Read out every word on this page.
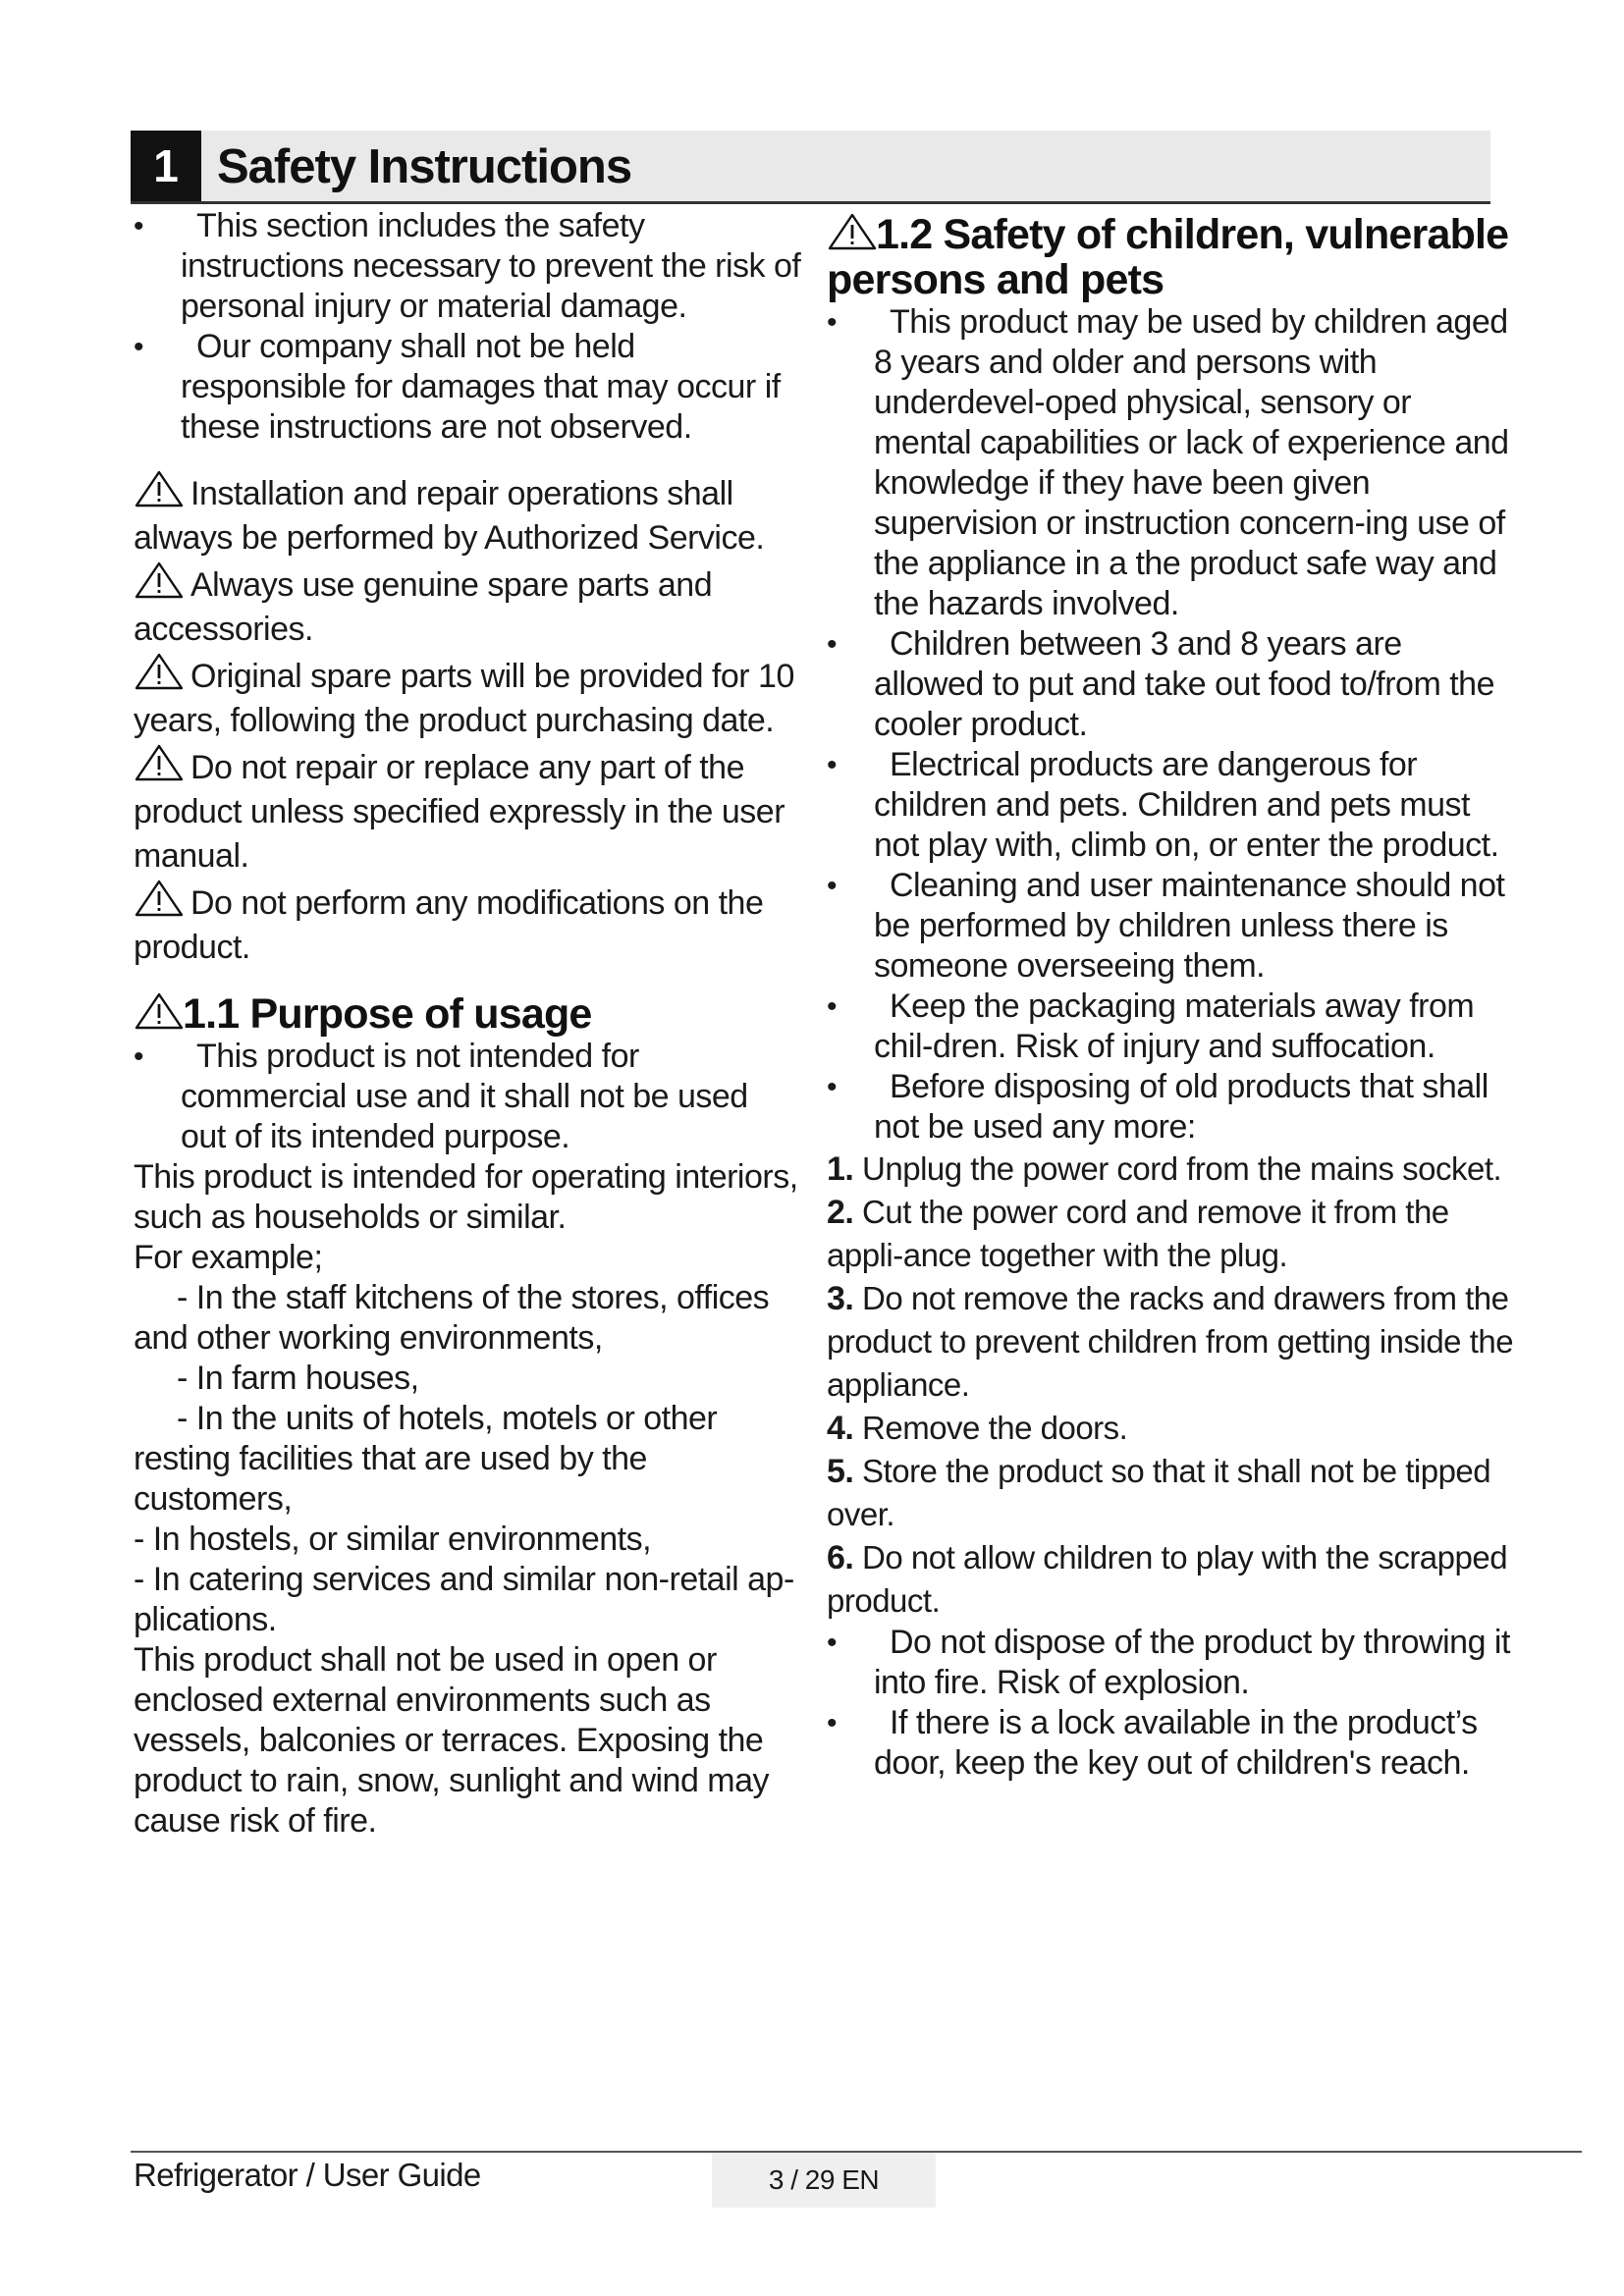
1 Safety Instructions
• This section includes the safety instructions necessary to prevent the risk of personal injury or material damage.
• Our company shall not be held responsible for damages that may occur if these instructions are not observed.

Installation and repair operations shall always be performed by Authorized Service.

Always use genuine spare parts and accessories.

Original spare parts will be provided for 10 years, following the product purchasing date.

Do not repair or replace any part of the product unless specified expressly in the user manual.

Do not perform any modifications on the product.

1.1 Purpose of usage
• This product is not intended for commercial use and it shall not be used out of its intended purpose.

This product is intended for operating interiors, such as households or similar.

For example;

- In the staff kitchens of the stores, offices and other working environments,

- In farm houses,

- In the units of hotels, motels or other resting facilities that are used by the customers,

- In hostels, or similar environments,

- In catering services and similar non-retail ap-plications.

This product shall not be used in open or enclosed external environments such as vessels, balconies or terraces. Exposing the product to rain, snow, sunlight and wind may cause risk of fire.

1.2 Safety of children, vulnerable persons and pets
• This product may be used by children aged 8 years and older and persons with underdevel-oped physical, sensory or mental capabilities or lack of experience and knowledge if they have been given supervision or instruction concern-ing use of the appliance in a the product safe way and the hazards involved.
• Children between 3 and 8 years are allowed to put and take out food to/from the cooler product.
• Electrical products are dangerous for children and pets. Children and pets must not play with, climb on, or enter the product.
• Cleaning and user maintenance should not be performed by children unless there is someone overseeing them.
• Keep the packaging materials away from chil-dren. Risk of injury and suffocation.
• Before disposing of old products that shall not be used any more:

1. Unplug the power cord from the mains socket.

2. Cut the power cord and remove it from the appli-ance together with the plug.

3. Do not remove the racks and drawers from the product to prevent children from getting inside the appliance.

4. Remove the doors.

5. Store the product so that it shall not be tipped over.

6. Do not allow children to play with the scrapped product.

• Do not dispose of the product by throwing it into fire. Risk of explosion.
• If there is a lock available in the product’s door, keep the key out of children's reach.
Refrigerator / User Guide	3 / 29 EN
